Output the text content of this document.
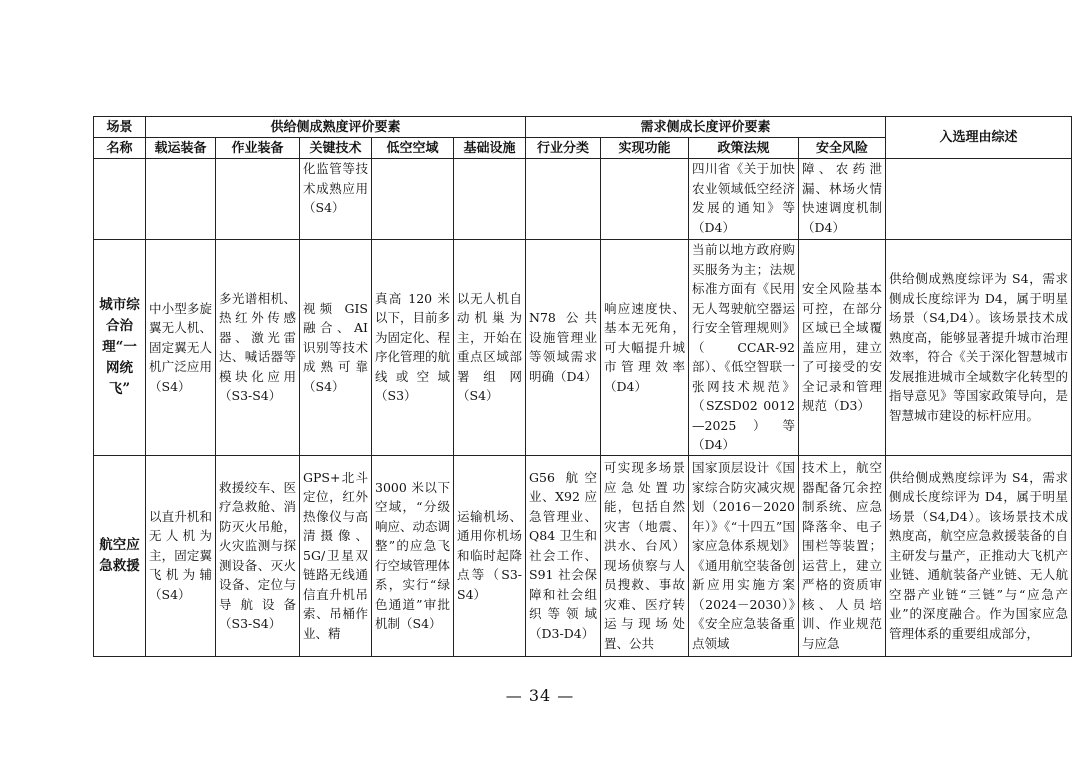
场景	供给侧成熟度评价要素					需求侧成长度评价要素				入选理由综述
名称	载运装备	作业装备	关键技术	低空空域	基础设施	行业分类	实现功能	政策法规	安全风险	
			化监管等技术成熟应用（S4）					四川省《关于加快农业领域低空经济发展的通知》等（D4）	障、农药泄漏、林场火情快速调度机制（D4）	
城市综合治理“一网统飞”	中小型多旋翼无人机、固定翼无人机广泛应用（S4）	多光谱相机、热红外传感器、激光雷达、喊话器等模块化应用（S3-S4）	视频 GIS 融合、AI 识别等技术成熟可靠（S4）	真高 120 米以下，目前多为固定化、程序化管理的航线或空域（S3）	以无人机自动机巢为主，开始在重点区域部署组网（S4）	N78 公共设施管理业等领域需求明确（D4）	响应速度快、基本无死角，可大幅提升城市管理效率（D4）	当前以地方政府购买服务为主；法规标准方面有《民用无人驾驶航空器运行安全管理规则》（CCAR-92 部）、《低空智联一张网技术规范》（SZSD02 0012—2025）等（D4）	安全风险基本可控，在部分区域已全域覆盖应用，建立了可接受的安全记录和管理规范（D3）	供给侧成熟度综评为 S4，需求侧成长度综评为 D4，属于明星场景（S4,D4）。该场景技术成熟度高，能够显著提升城市治理效率，符合《关于深化智慧城市发展推进城市全域数字化转型的指导意见》等国家政策导向，是智慧城市建设的标杆应用。
航空应急救援	以直升机和无人机为主，固定翼飞机为辅（S4）	救援绞车、医疗急救舱、消防灭火吊舱，火灾监测与探测设备、灭火设备、定位与导航设备（S3-S4）	GPS+北斗定位，红外热像仪与高清摄像、5G/卫星双链路无线通信直升机吊索、吊桶作业、精	3000 米以下空域，“分级响应、动态调整”的应急飞行空域管理体系，实行“绿色通道”审批机制（S4）	运输机场、通用你机场和临时起降点等（S3-S4）	G56 航空业、X92 应急管理业、Q84 卫生和社会工作、S91 社会保障和社会组织等领域（D3-D4）	可实现多场景应急处置功能，包括自然灾害（地震、洪水、台风）现场侦察与人员搜救、事故灾难、医疗转运与现场处置、公共	国家顶层设计《国家综合防灾减灾规划（2016－2020 年）》《“十四五”国家应急体系规划》《通用航空装备创新应用实施方案（2024－2030）》《安全应急装备重点领域	技术上，航空器配备冗余控制系统、应急降落伞、电子围栏等装置；运营上，建立严格的资质审核、人员培训、作业规范与应急	供给侧成熟度综评为 S4，需求侧成长度综评为 D4，属于明星场景（S4,D4）。该场景技术成熟度高，航空应急救援装备的自主研发与量产，正推动大飞机产业链、通航装备产业链、无人航空器产业链“三链”与“应急产业”的深度融合。作为国家应急管理体系的重要组成部分，
— 34 —
